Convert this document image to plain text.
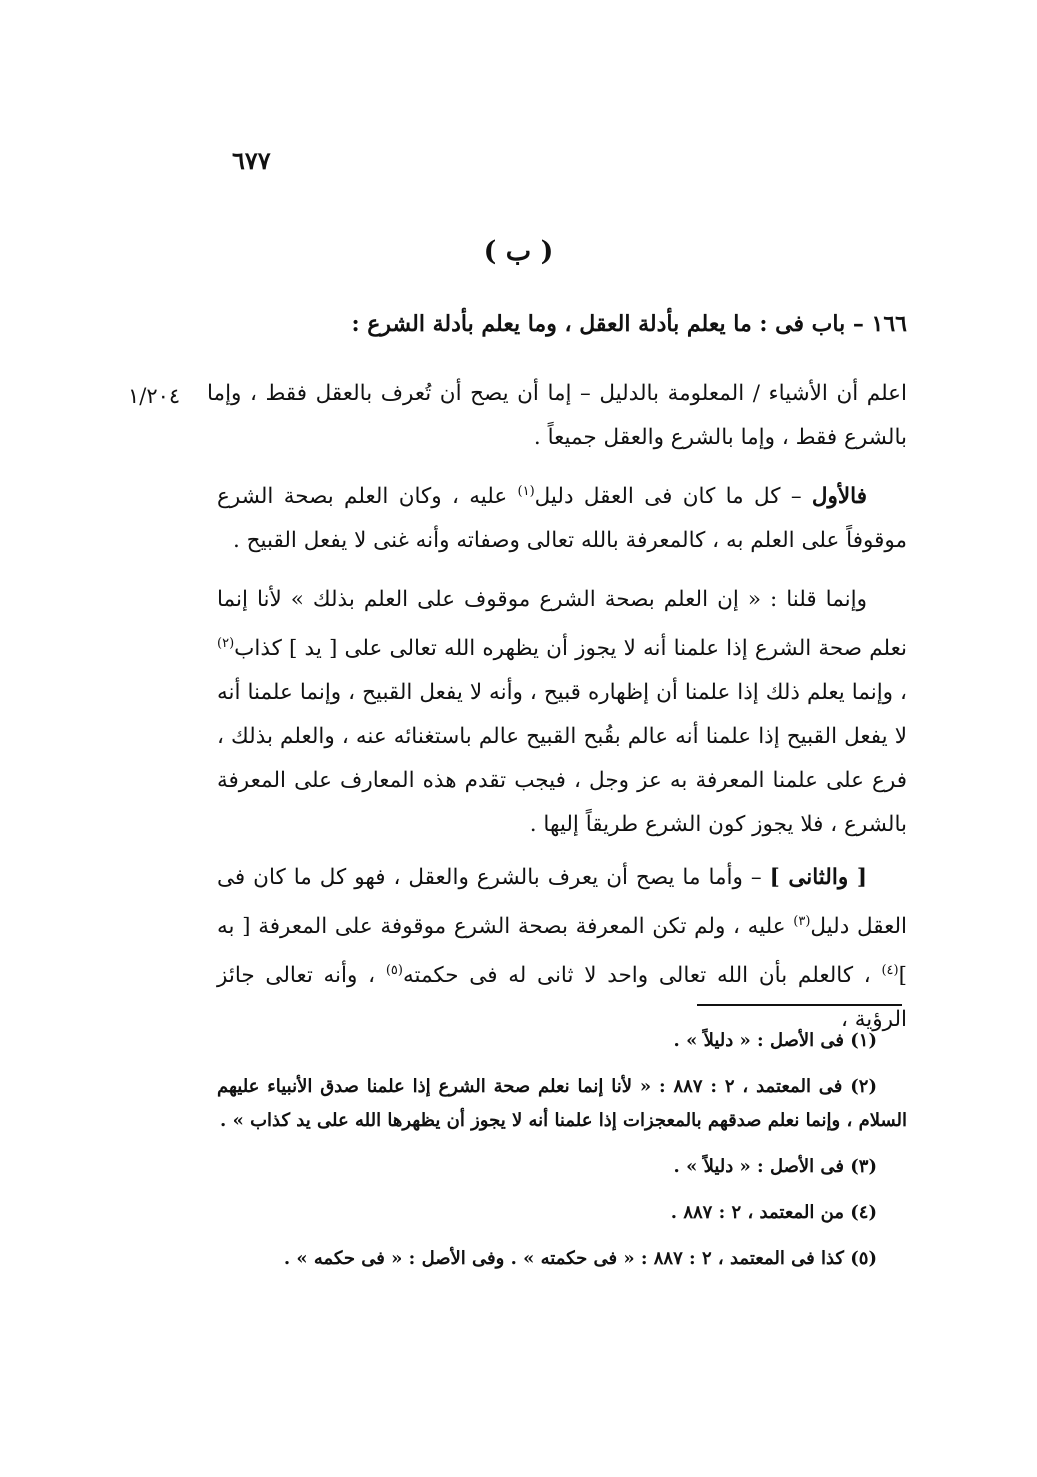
٦٧٧
( ب )
١/٢٠٤
١٦٦ – باب فى : ما يعلم بأدلة العقل ، وما يعلم بأدلة الشرع :

اعلم أن الأشياء / المعلومة بالدليل – إما أن يصح أن تُعرف بالعقل فقط ، وإما بالشرع فقط ، وإما بالشرع والعقل جميعاً .

فالأول – كل ما كان فى العقل دليل$^{(١)}$ عليه ، وكان العلم بصحة الشرع موقوفاً على العلم به ، كالمعرفة بالله تعالى وصفاته وأنه غنى لا يفعل القبيح .

وإنما قلنا : « إن العلم بصحة الشرع موقوف على العلم بذلك » لأنا إنما نعلم صحة الشرع إذا علمنا أنه لا يجوز أن يظهره الله تعالى على [ يد ] كذاب$^{(٢)}$ ، وإنما يعلم ذلك إذا علمنا أن إظهاره قبيح ، وأنه لا يفعل القبيح ، وإنما علمنا أنه لا يفعل القبيح إذا علمنا أنه عالم بقُبح القبيح عالم باستغنائه عنه ، والعلم بذلك ، فرع على علمنا المعرفة به عز وجل ، فيجب تقدم هذه المعارف على المعرفة بالشرع ، فلا يجوز كون الشرع طريقاً إليها .

[ والثانى ] – وأما ما يصح أن يعرف بالشرع والعقل ، فهو كل ما كان فى العقل دليل$^{(٣)}$ عليه ، ولم تكن المعرفة بصحة الشرع موقوفة على المعرفة [ به ]$^{(٤)}$ ، كالعلم بأن الله تعالى واحد لا ثانى له فى حكمته$^{(٥)}$ ، وأنه تعالى جائز الرؤية ،

(١) فى الأصل : « دليلاً » .

(٢) فى المعتمد ، ٢ : ٨٨٧ : « لأنا إنما نعلم صحة الشرع إذا علمنا صدق الأنبياء عليهم السلام ، وإنما نعلم صدقهم بالمعجزات إذا علمنا أنه لا يجوز أن يظهرها الله على يد كذاب » .

(٣) فى الأصل : « دليلاً » .

(٤) من المعتمد ، ٢ : ٨٨٧ .

(٥) كذا فى المعتمد ، ٢ : ٨٨٧ : « فى حكمته » . وفى الأصل : « فى حكمه » .
